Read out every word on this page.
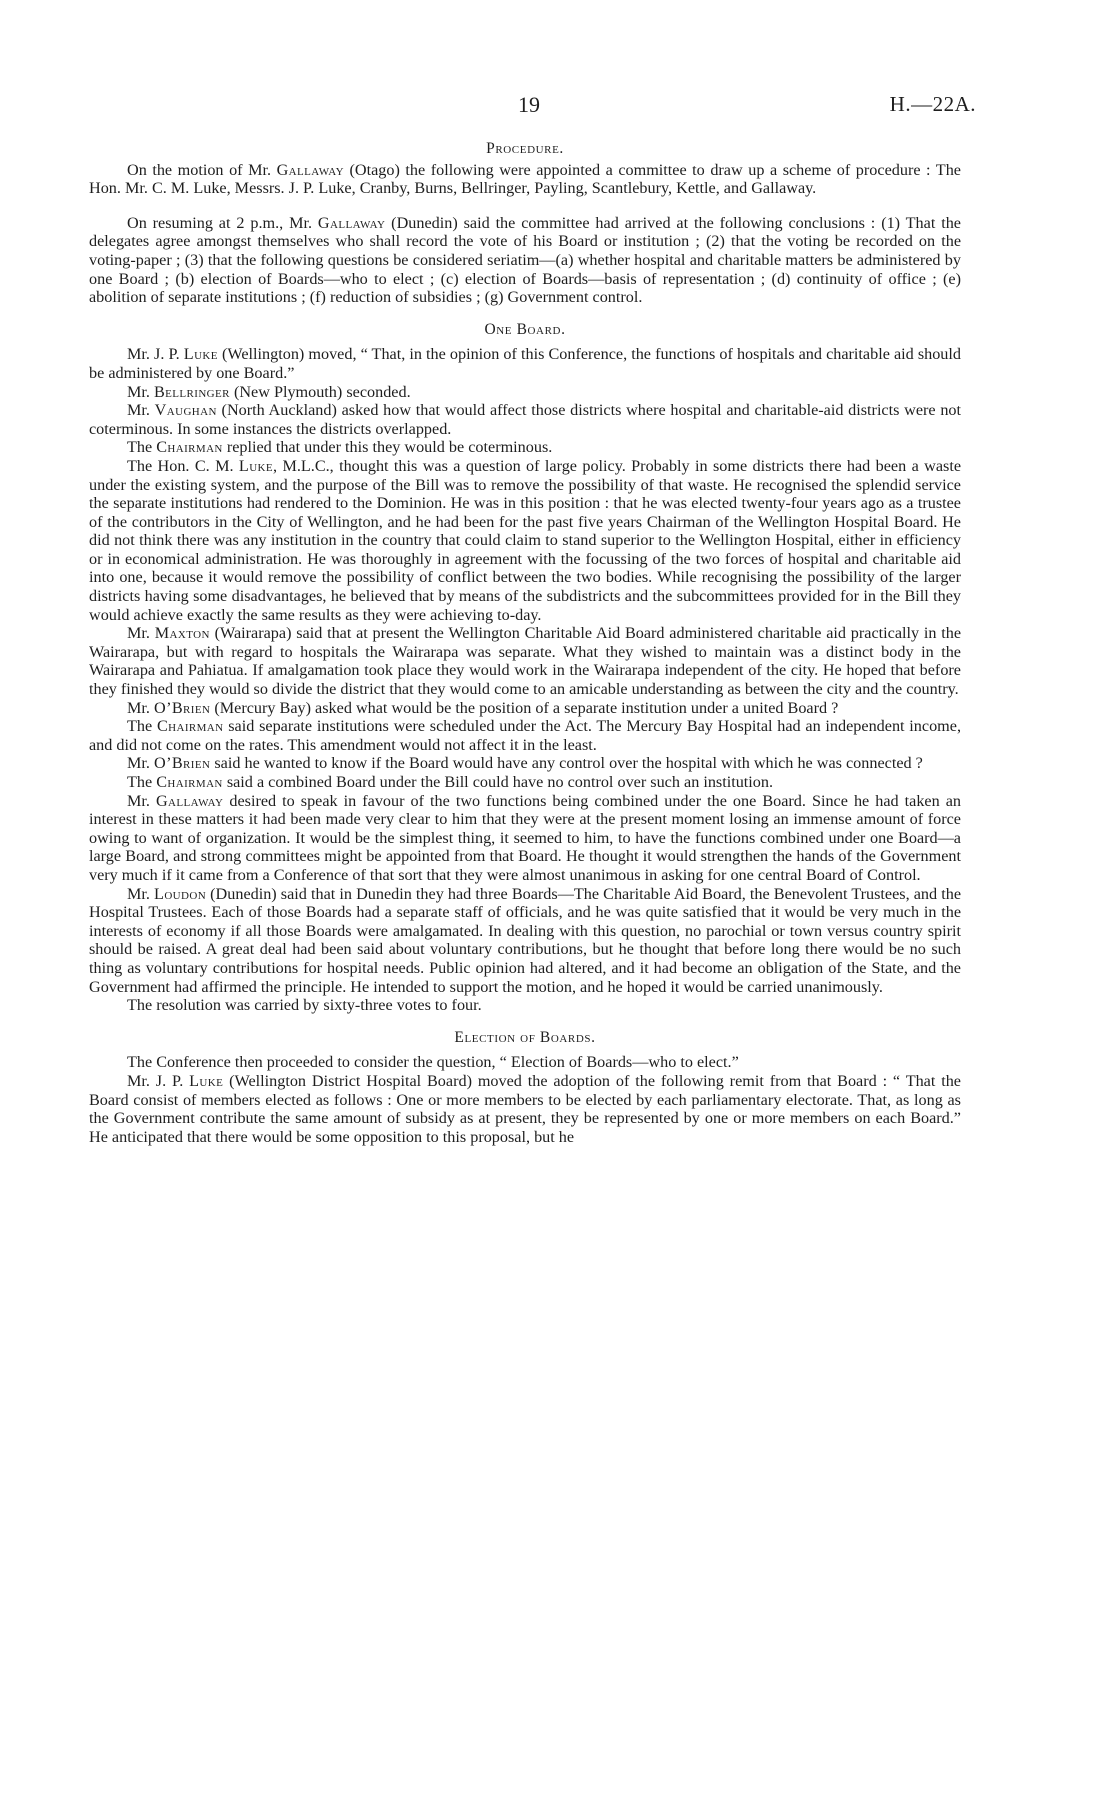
19	H.—22A.
Procedure.

On the motion of Mr. Gallaway (Otago) the following were appointed a committee to draw up a scheme of procedure : The Hon. Mr. C. M. Luke, Messrs. J. P. Luke, Cranby, Burns, Bellringer, Payling, Scantlebury, Kettle, and Gallaway.

On resuming at 2 p.m., Mr. Gallaway (Dunedin) said the committee had arrived at the following conclusions : (1) That the delegates agree amongst themselves who shall record the vote of his Board or institution ; (2) that the voting be recorded on the voting-paper ; (3) that the following questions be considered seriatim—(a) whether hospital and charitable matters be administered by one Board ; (b) election of Boards—who to elect ; (c) election of Boards—basis of representation ; (d) continuity of office ; (e) abolition of separate institutions ; (f) reduction of subsidies ; (g) Government control.

One Board.

Mr. J. P. Luke (Wellington) moved, “ That, in the opinion of this Conference, the functions of hospitals and charitable aid should be administered by one Board.”

Mr. Bellringer (New Plymouth) seconded.

Mr. Vaughan (North Auckland) asked how that would affect those districts where hospital and charitable-aid districts were not coterminous. In some instances the districts overlapped.

The Chairman replied that under this they would be coterminous.

The Hon. C. M. Luke, M.L.C., thought this was a question of large policy. Probably in some districts there had been a waste under the existing system, and the purpose of the Bill was to remove the possibility of that waste. He recognised the splendid service the separate institutions had rendered to the Dominion. He was in this position : that he was elected twenty-four years ago as a trustee of the contributors in the City of Wellington, and he had been for the past five years Chairman of the Wellington Hospital Board. He did not think there was any institution in the country that could claim to stand superior to the Wellington Hospital, either in efficiency or in economical administration. He was thoroughly in agreement with the focussing of the two forces of hospital and charitable aid into one, because it would remove the possibility of conflict between the two bodies. While recognising the possibility of the larger districts having some disadvantages, he believed that by means of the subdistricts and the subcommittees provided for in the Bill they would achieve exactly the same results as they were achieving to-day.

Mr. Maxton (Wairarapa) said that at present the Wellington Charitable Aid Board administered charitable aid practically in the Wairarapa, but with regard to hospitals the Wairarapa was separate. What they wished to maintain was a distinct body in the Wairarapa and Pahiatua. If amalgamation took place they would work in the Wairarapa independent of the city. He hoped that before they finished they would so divide the district that they would come to an amicable understanding as between the city and the country.

Mr. O’Brien (Mercury Bay) asked what would be the position of a separate institution under a united Board ?

The Chairman said separate institutions were scheduled under the Act. The Mercury Bay Hospital had an independent income, and did not come on the rates. This amendment would not affect it in the least.

Mr. O’Brien said he wanted to know if the Board would have any control over the hospital with which he was connected ?

The Chairman said a combined Board under the Bill could have no control over such an institution.

Mr. Gallaway desired to speak in favour of the two functions being combined under the one Board. Since he had taken an interest in these matters it had been made very clear to him that they were at the present moment losing an immense amount of force owing to want of organization. It would be the simplest thing, it seemed to him, to have the functions combined under one Board—a large Board, and strong committees might be appointed from that Board. He thought it would strengthen the hands of the Government very much if it came from a Conference of that sort that they were almost unanimous in asking for one central Board of Control.

Mr. Loudon (Dunedin) said that in Dunedin they had three Boards—The Charitable Aid Board, the Benevolent Trustees, and the Hospital Trustees. Each of those Boards had a separate staff of officials, and he was quite satisfied that it would be very much in the interests of economy if all those Boards were amalgamated. In dealing with this question, no parochial or town versus country spirit should be raised. A great deal had been said about voluntary contributions, but he thought that before long there would be no such thing as voluntary contributions for hospital needs. Public opinion had altered, and it had become an obligation of the State, and the Government had affirmed the principle. He intended to support the motion, and he hoped it would be carried unanimously.

The resolution was carried by sixty-three votes to four.

Election of Boards.

The Conference then proceeded to consider the question, “ Election of Boards—who to elect.”

Mr. J. P. Luke (Wellington District Hospital Board) moved the adoption of the following remit from that Board : “ That the Board consist of members elected as follows : One or more members to be elected by each parliamentary electorate. That, as long as the Government contribute the same amount of subsidy as at present, they be represented by one or more members on each Board.” He anticipated that there would be some opposition to this proposal, but he
